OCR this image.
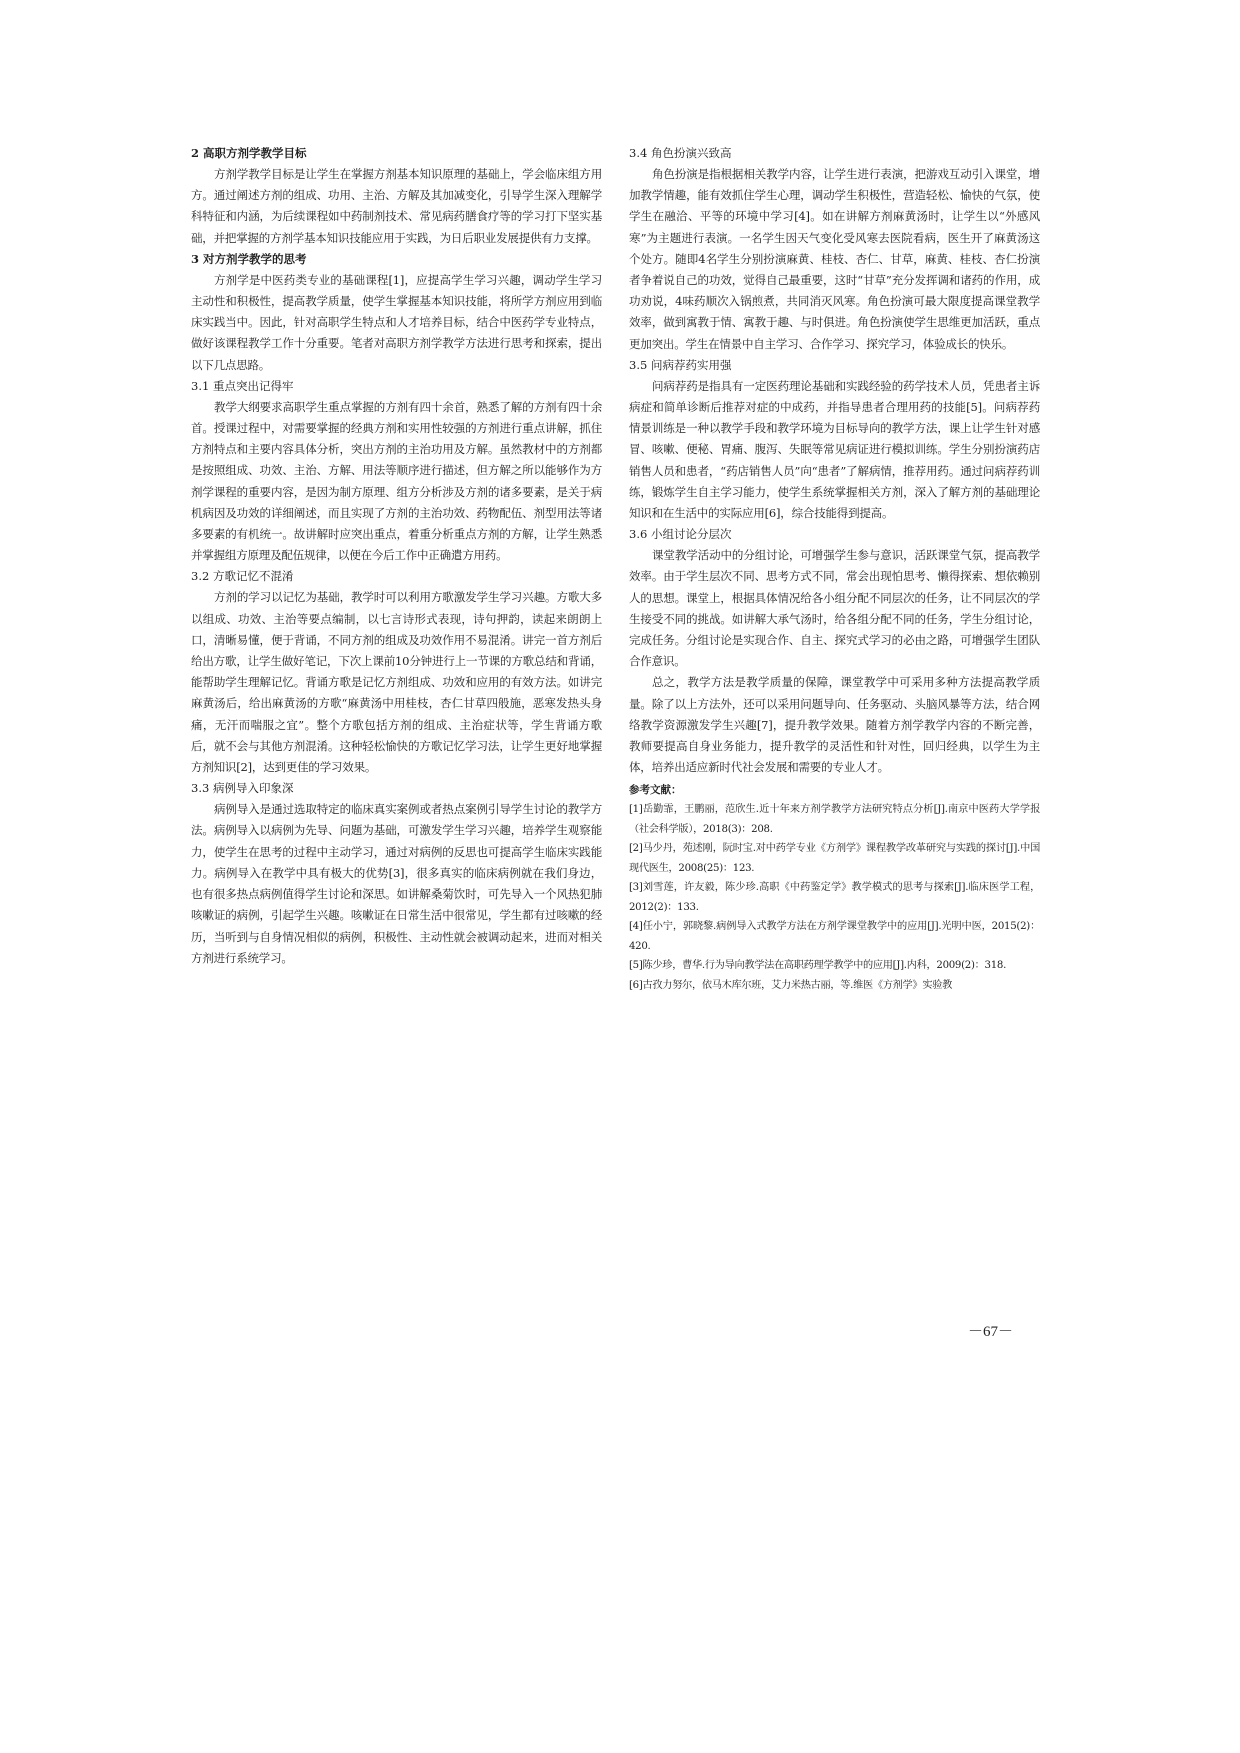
2 高职方剂学教学目标
方剂学教学目标是让学生在掌握方剂基本知识原理的基础上，学会临床组方用方。通过阐述方剂的组成、功用、主治、方解及其加减变化，引导学生深入理解学科特征和内涵，为后续课程如中药制剂技术、常见病药膳食疗等的学习打下坚实基础，并把掌握的方剂学基本知识技能应用于实践，为日后职业发展提供有力支撑。
3 对方剂学教学的思考
方剂学是中医药类专业的基础课程[1]，应提高学生学习兴趣，调动学生学习主动性和积极性，提高教学质量，使学生掌握基本知识技能，将所学方剂应用到临床实践当中。因此，针对高职学生特点和人才培养目标，结合中医药学专业特点，做好该课程教学工作十分重要。笔者对高职方剂学教学方法进行思考和探索，提出以下几点思路。
3.1 重点突出记得牢
教学大纲要求高职学生重点掌握的方剂有四十余首，熟悉了解的方剂有四十余首。授课过程中，对需要掌握的经典方剂和实用性较强的方剂进行重点讲解，抓住方剂特点和主要内容具体分析，突出方剂的主治功用及方解。虽然教材中的方剂都是按照组成、功效、主治、方解、用法等顺序进行描述，但方解之所以能够作为方剂学课程的重要内容，是因为制方原理、组方分析涉及方剂的诸多要素，是关于病机病因及功效的详细阐述，而且实现了方剂的主治功效、药物配伍、剂型用法等诸多要素的有机统一。故讲解时应突出重点，着重分析重点方剂的方解，让学生熟悉并掌握组方原理及配伍规律，以便在今后工作中正确遣方用药。
3.2 方歌记忆不混淆
方剂的学习以记忆为基础，教学时可以利用方歌激发学生学习兴趣。方歌大多以组成、功效、主治等要点编制，以七言诗形式表现，诗句押韵，读起来朗朗上口，清晰易懂，便于背诵，不同方剂的组成及功效作用不易混淆。讲完一首方剂后给出方歌，让学生做好笔记，下次上课前10分钟进行上一节课的方歌总结和背诵，能帮助学生理解记忆。背诵方歌是记忆方剂组成、功效和应用的有效方法。如讲完麻黄汤后，给出麻黄汤的方歌“麻黄汤中用桂枝，杏仁甘草四般施，恶寒发热头身痛，无汗而喘服之宜”。整个方歌包括方剂的组成、主治症状等，学生背诵方歌后，就不会与其他方剂混淆。这种轻松愉快的方歌记忆学习法，让学生更好地掌握方剂知识[2]，达到更佳的学习效果。
3.3 病例导入印象深
病例导入是通过选取特定的临床真实案例或者热点案例引导学生讨论的教学方法。病例导入以病例为先导、问题为基础，可激发学生学习兴趣，培养学生观察能力，使学生在思考的过程中主动学习，通过对病例的反思也可提高学生临床实践能力。病例导入在教学中具有极大的优势[3]，很多真实的临床病例就在我们身边，也有很多热点病例值得学生讨论和深思。如讲解桑菊饮时，可先导入一个风热犯肺咳嗽证的病例，引起学生兴趣。咳嗽证在日常生活中很常见，学生都有过咳嗽的经历，当听到与自身情况相似的病例，积极性、主动性就会被调动起来，进而对相关方剂进行系统学习。
3.4 角色扮演兴致高
角色扮演是指根据相关教学内容，让学生进行表演，把游戏互动引入课堂，增加教学情趣，能有效抓住学生心理，调动学生积极性，营造轻松、愉快的气氛，使学生在融洽、平等的环境中学习[4]。如在讲解方剂麻黄汤时，让学生以“外感风寒”为主题进行表演。一名学生因天气变化受风寒去医院看病，医生开了麻黄汤这个处方。随即4名学生分别扮演麻黄、桂枝、杏仁、甘草，麻黄、桂枝、杏仁扮演者争着说自己的功效，觉得自己最重要，这时“甘草”充分发挥调和诸药的作用，成功劝说，4味药顺次入锅煎煮，共同消灭风寒。角色扮演可最大限度提高课堂教学效率，做到寓教于情、寓教于趣、与时俱进。角色扮演使学生思维更加活跃，重点更加突出。学生在情景中自主学习、合作学习、探究学习，体验成长的快乐。
3.5 问病荐药实用强
问病荐药是指具有一定医药理论基础和实践经验的药学技术人员，凭患者主诉病症和简单诊断后推荐对症的中成药，并指导患者合理用药的技能[5]。问病荐药情景训练是一种以教学手段和教学环境为目标导向的教学方法，课上让学生针对感冒、咳嗽、便秘、胃痛、腹泻、失眠等常见病证进行模拟训练。学生分别扮演药店销售人员和患者，“药店销售人员”向“患者”了解病情，推荐用药。通过问病荐药训练，锻炼学生自主学习能力，使学生系统掌握相关方剂，深入了解方剂的基础理论知识和在生活中的实际应用[6]，综合技能得到提高。
3.6 小组讨论分层次
课堂教学活动中的分组讨论，可增强学生参与意识，活跃课堂气氛，提高教学效率。由于学生层次不同、思考方式不同，常会出现怕思考、懒得探索、想依赖别人的思想。课堂上，根据具体情况给各小组分配不同层次的任务，让不同层次的学生接受不同的挑战。如讲解大承气汤时，给各组分配不同的任务，学生分组讨论，完成任务。分组讨论是实现合作、自主、探究式学习的必由之路，可增强学生团队合作意识。
总之，教学方法是教学质量的保障，课堂教学中可采用多种方法提高教学质量。除了以上方法外，还可以采用问题导向、任务驱动、头脑风暴等方法，结合网络教学资源激发学生兴趣[7]，提升教学效果。随着方剂学教学内容的不断完善，教师要提高自身业务能力，提升教学的灵活性和针对性，回归经典，以学生为主体，培养出适应新时代社会发展和需要的专业人才。
参考文献：
[1]岳勤霏，王鹏丽，范欣生.近十年来方剂学教学方法研究特点分析[J].南京中医药大学学报（社会科学版），2018(3)：208.
[2]马少丹，苑述刚，阮时宝.对中药学专业《方剂学》课程教学改革研究与实践的探讨[J].中国现代医生，2008(25)：123.
[3]刘雪莲，许友毅，陈少珍.高职《中药鉴定学》教学模式的思考与探索[J].临床医学工程，2012(2)：133.
[4]任小宁，郭晓黎.病例导入式教学方法在方剂学课堂教学中的应用[J].光明中医，2015(2)：420.
[5]陈少珍，曹华.行为导向教学法在高职药理学教学中的应用[J].内科，2009(2)：318.
[6]古孜力努尔，依马木库尔班，艾力米热古丽，等.维医《方剂学》实验教
－67－
